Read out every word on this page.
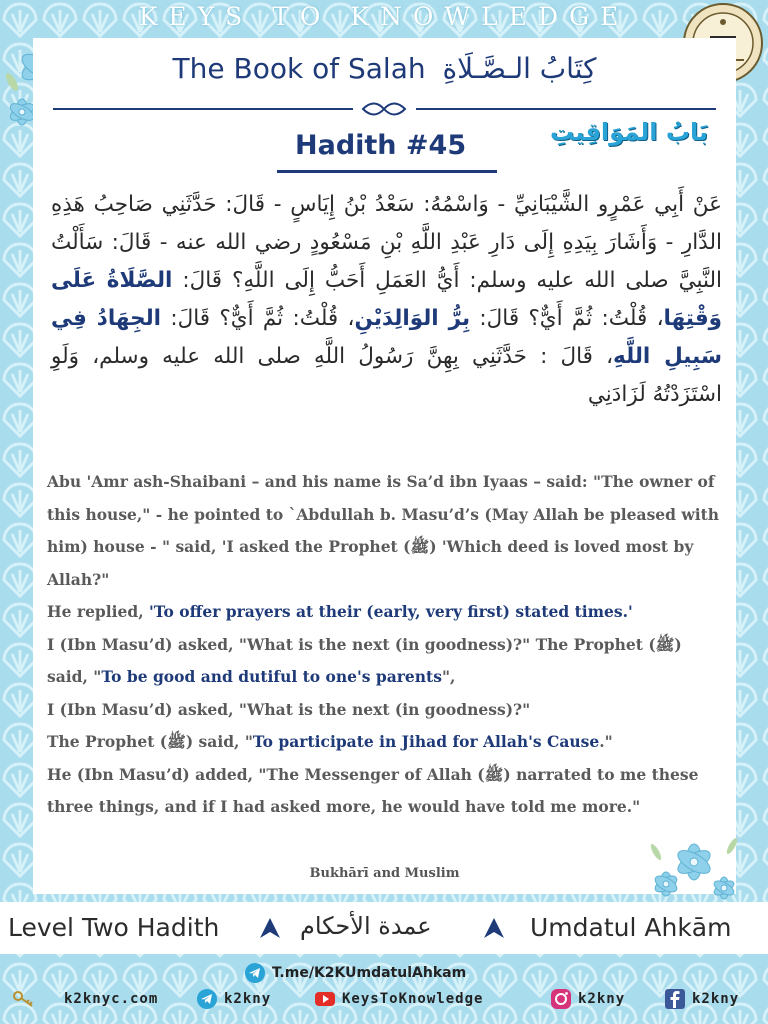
KEYS TO KNOWLEDGE
The Book of Salah كِتَابُ الـصَّـلَاةِ
Hadith #45	بَابُ المَوَاقِيتِ
عَنْ أَبِي عَمْرٍو الشَّيْبَانِيِّ - وَاسْمُهُ: سَعْدُ بْنُ إِيَاسٍ - قَالَ: حَدَّثَنِي صَاحِبُ هَذِهِ الدَّارِ - وَأَشَارَ بِيَدِهِ إِلَى دَارِ عَبْدِ اللَّهِ بْنِ مَسْعُودٍ رضي الله عنه - قَالَ: سَأَلْتُ النَّبِيَّ صلى الله عليه وسلم: أَيُّ العَمَلِ أَحَبُّ إِلَى اللَّهِ؟ قَالَ: الصَّلَاةُ عَلَى وَقْتِهَا، قُلْتُ: ثُمَّ أَيٌّ؟ قَالَ: بِرُّ الوَالِدَيْنِ، قُلْتُ: ثُمَّ أَيٌّ؟ قَالَ: الجِهَادُ فِي سَبِيلِ اللَّهِ، قَالَ : حَدَّثَنِي بِهِنَّ رَسُولُ اللَّهِ صلى الله عليه وسلم، وَلَوِ اسْتَزَدْتُهُ لَزَادَنِي
Abu 'Amr ash-Shaibani – and his name is Sa’d ibn Iyaas – said: "The owner of this house," - he pointed to `Abdullah b. Masu’d’s (May Allah be pleased with him) house - " said, 'I asked the Prophet (ﷺ) 'Which deed is loved most by Allah?"
He replied, 'To offer prayers at their (early, very first) stated times.'
I (Ibn Masu’d) asked, "What is the next (in goodness)?" The Prophet (ﷺ) said, "To be good and dutiful to one's parents",
I (Ibn Masu’d) asked, "What is the next (in goodness)?"
The Prophet (ﷺ) said, "To participate in Jihad for Allah's Cause."
He (Ibn Masu’d) added, "The Messenger of Allah (ﷺ) narrated to me these three things, and if I had asked more, he would have told me more."
Bukhārī and Muslim
Level Two Hadith	عمدة الأحكام	Umdatul Ahkām
T.me/K2KUmdatulAhkam
k2knyc.com	k2kny	KeysToKnowledge	k2kny	k2kny
